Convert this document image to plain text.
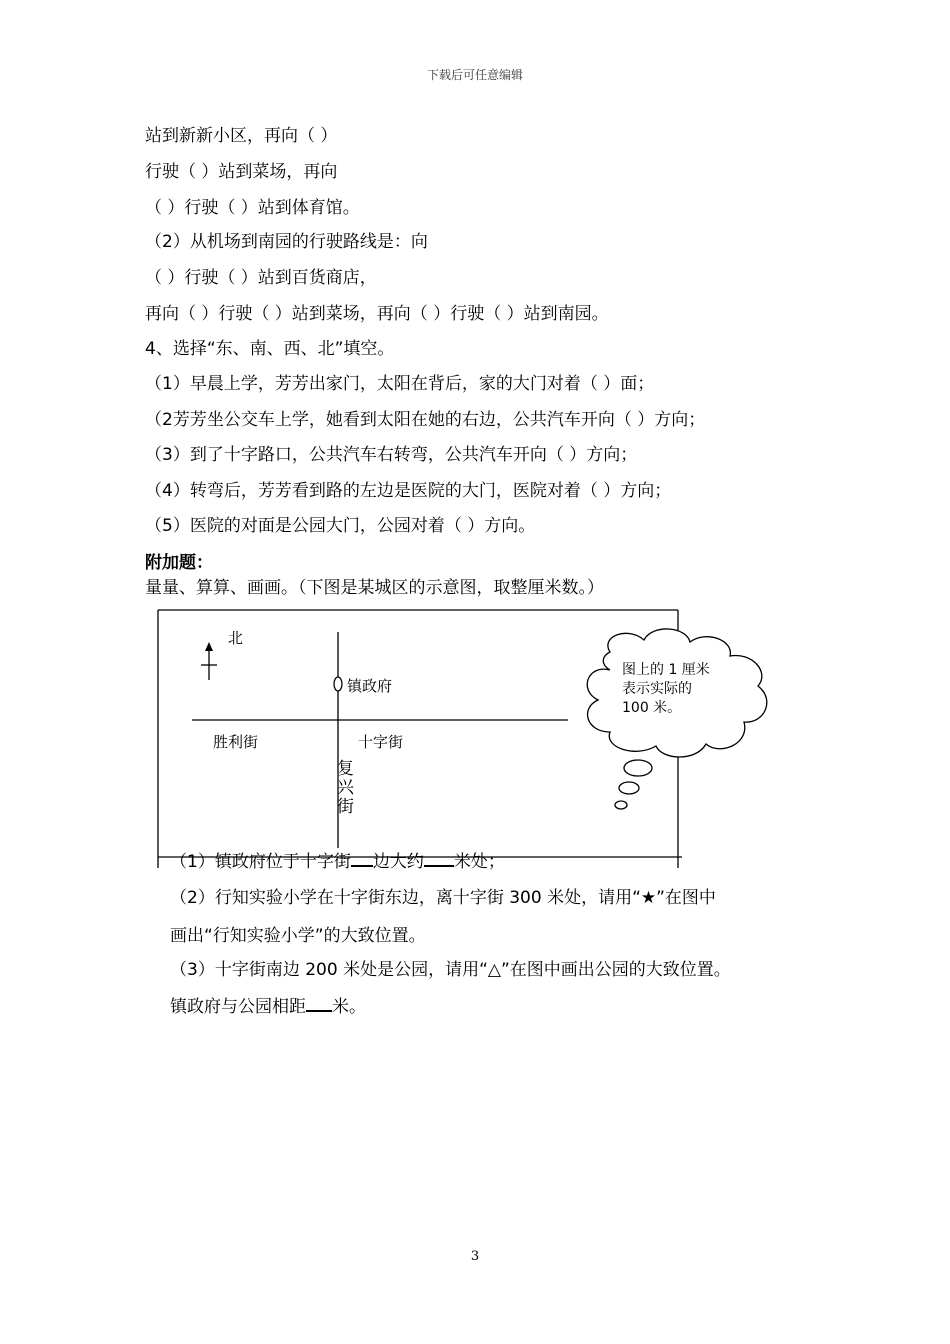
下载后可任意编辑
站到新新小区，再向（ ）
行驶（ ）站到菜场，再向
（ ）行驶（ ）站到体育馆。
（2）从机场到南园的行驶路线是：向
（ ）行驶（ ）站到百货商店，
再向（ ）行驶（ ）站到菜场，再向（ ）行驶（ ）站到南园。
4、选择“东、南、西、北”填空。
（1）早晨上学，芳芳出家门，太阳在背后，家的大门对着（ ）面；
（2芳芳坐公交车上学，她看到太阳在她的右边，公共汽车开向（ ）方向；
（3）到了十字路口，公共汽车右转弯，公共汽车开向（ ）方向；
（4）转弯后，芳芳看到路的左边是医院的大门，医院对着（ ）方向；
（5）医院的对面是公园大门，公园对着（ ）方向。
附加题：
量量、算算、画画。（下图是某城区的示意图，取整厘米数。）
北
镇政府
胜利街	十字街
复兴街
图上的 1 厘米表示实际的 100 米。
（1）镇政府位于十字街 边大约 米处；
（2）行知实验小学在十字街东边，离十字街 300 米处，请用“★”在图中
画出“行知实验小学”的大致位置。
（3）十字街南边 200 米处是公园，请用“△”在图中画出公园的大致位置。
镇政府与公园相距 米。
3
